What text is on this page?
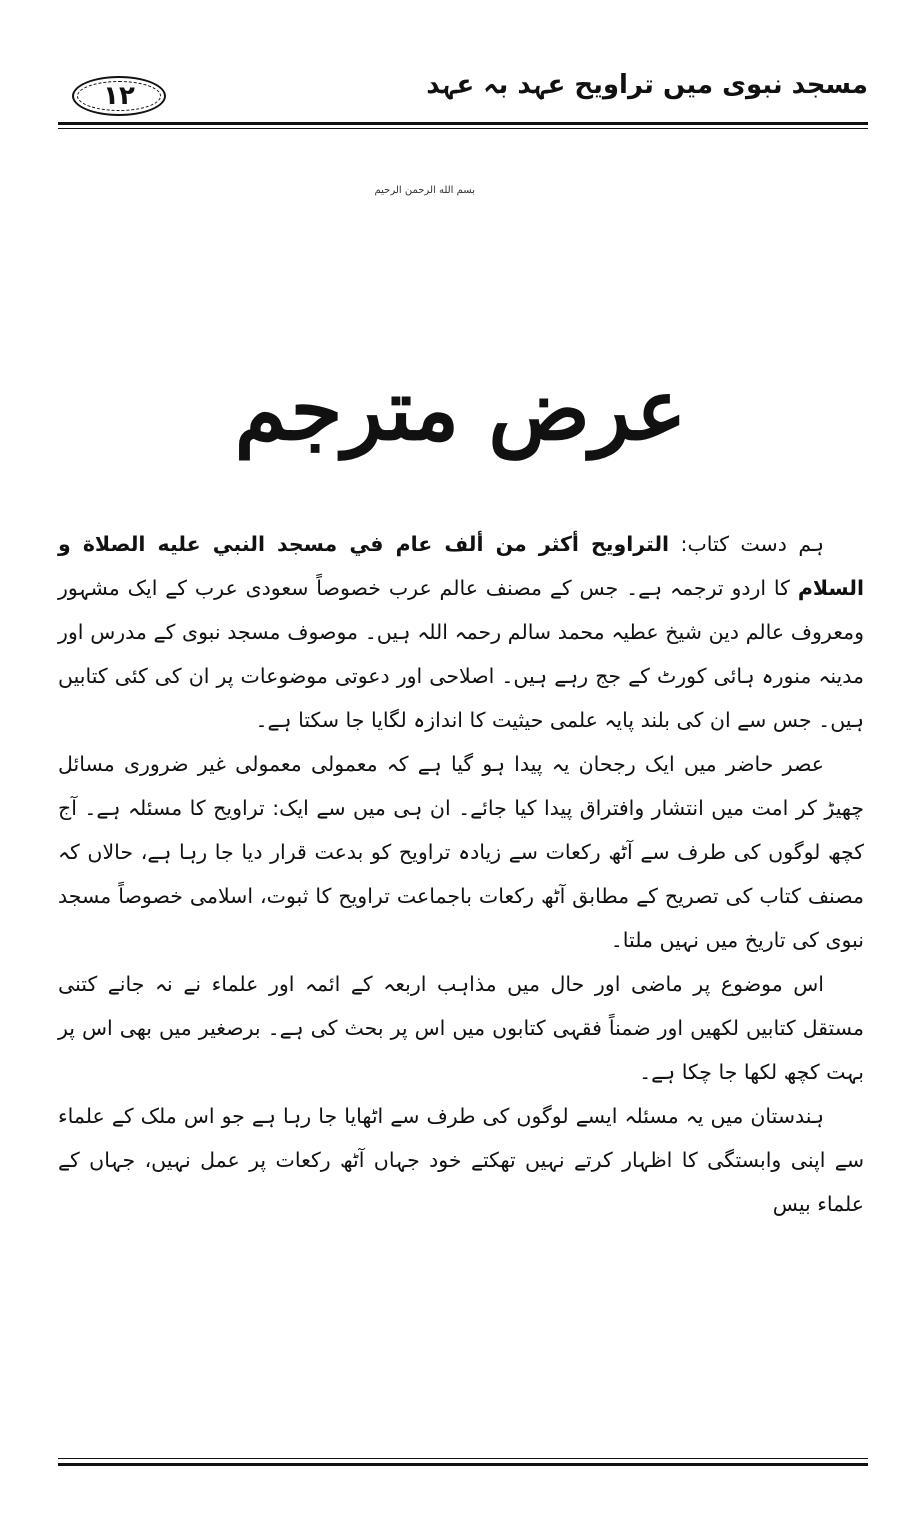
مسجد نبوی میں تراویح عہد بہ عہد
۱۲
بسم الله الرحمن الرحيم
عرض مترجم

ہم دست کتاب: التراويح أكثر من ألف عام في مسجد النبي عليه الصلاة و السلام کا اردو ترجمہ ہے۔ جس کے مصنف عالم عرب خصوصاً سعودی عرب کے ایک مشہور ومعروف عالم دین شیخ عطیہ محمد سالم رحمہ اللہ ہیں۔ موصوف مسجد نبوی کے مدرس اور مدینہ منورہ ہائی کورٹ کے جج رہے ہیں۔ اصلاحی اور دعوتی موضوعات پر ان کی کئی کتابیں ہیں۔ جس سے ان کی بلند پایہ علمی حیثیت کا اندازہ لگایا جا سکتا ہے۔

عصر حاضر میں ایک رجحان یہ پیدا ہو گیا ہے کہ معمولی معمولی غیر ضروری مسائل چھیڑ کر امت میں انتشار وافتراق پیدا کیا جائے۔ ان ہی میں سے ایک: تراویح کا مسئلہ ہے۔ آج کچھ لوگوں کی طرف سے آٹھ رکعات سے زیادہ تراویح کو بدعت قرار دیا جا رہا ہے، حالاں کہ مصنف کتاب کی تصریح کے مطابق آٹھ رکعات باجماعت تراویح کا ثبوت، اسلامی خصوصاً مسجد نبوی کی تاریخ میں نہیں ملتا۔

اس موضوع پر ماضی اور حال میں مذاہب اربعہ کے ائمہ اور علماء نے نہ جانے کتنی مستقل کتابیں لکھیں اور ضمناً فقہی کتابوں میں اس پر بحث کی ہے۔ برصغیر میں بھی اس پر بہت کچھ لکھا جا چکا ہے۔

ہندستان میں یہ مسئلہ ایسے لوگوں کی طرف سے اٹھایا جا رہا ہے جو اس ملک کے علماء سے اپنی وابستگی کا اظہار کرتے نہیں تھکتے خود جہاں آٹھ رکعات پر عمل نہیں، جہاں کے علماء بیس
